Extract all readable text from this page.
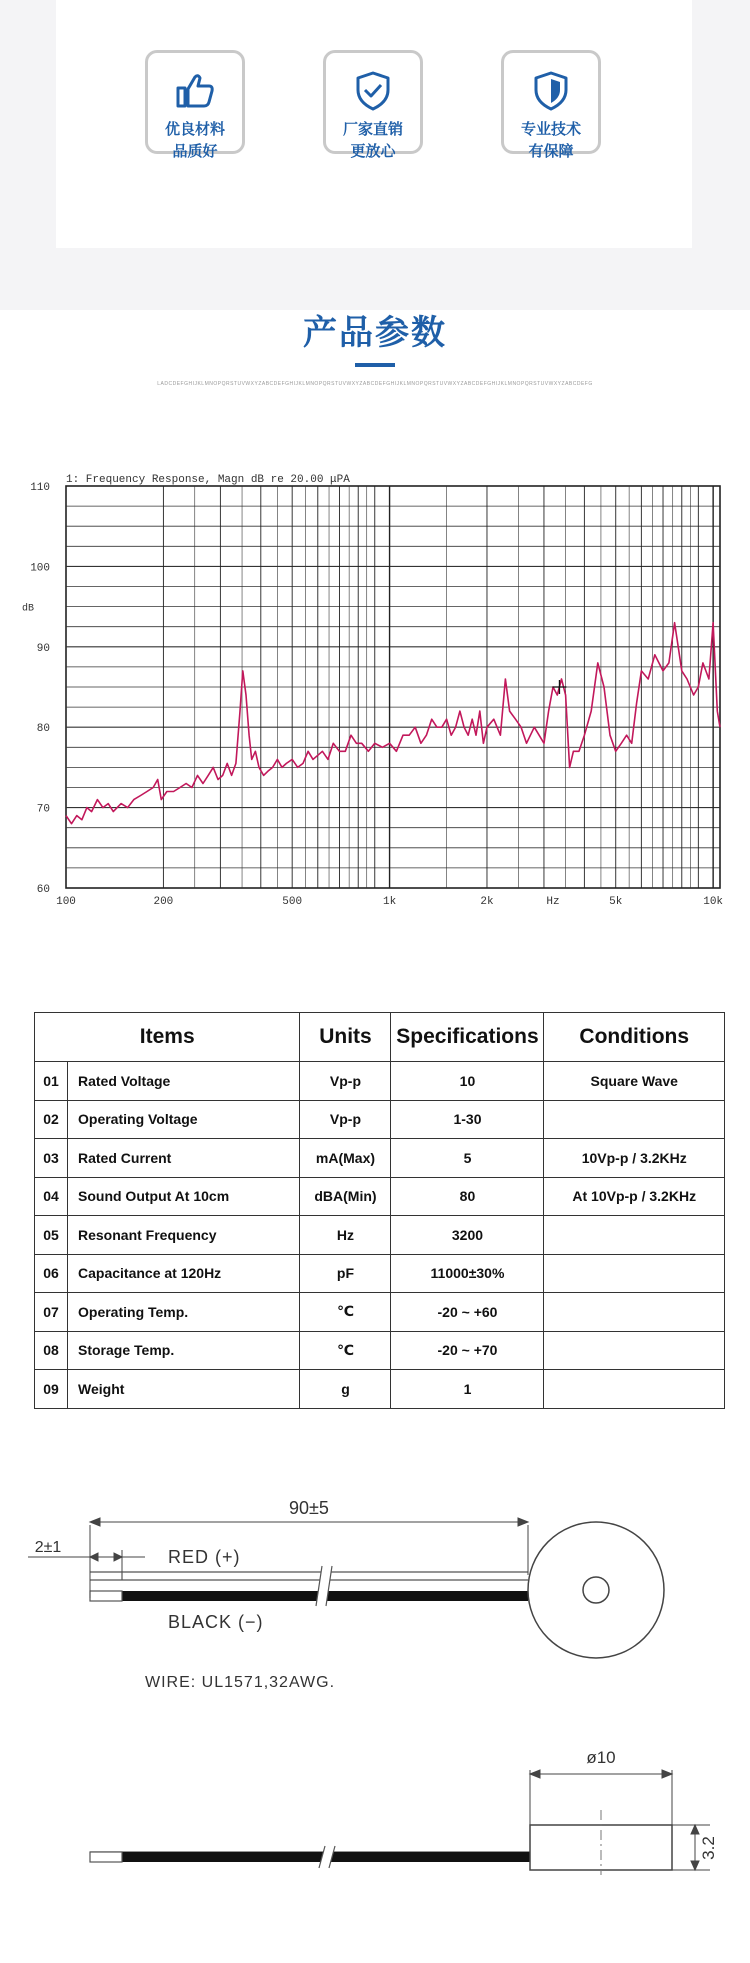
优良材料
品质好
厂家直销
更放心
专业技术
有保障
产品参数
LADCDEFGHIJKLMNOPQRSTUVWXYZABCDEFGHIJKLMNOPQRSTUVWXYZABCDEFGHIJKLMNOPQRSTUVWXYZABCDEFGHIJKLMNOPQRSTUVWXYZABCDEFG
60
70
80
90
100
110
100	200	500	1k	2k	Hz	5k	10k
1: Frequency Response, Magn dB re 20.00 μPA
dB
Items		Units	Specifications	Conditions
01	Rated Voltage	Vp-p	10	Square Wave
02	Operating Voltage	Vp-p	1-30	
03	Rated Current	mA(Max)	5	10Vp-p / 3.2KHz
04	Sound Output At 10cm	dBA(Min)	80	At 10Vp-p / 3.2KHz
05	Resonant Frequency	Hz	3200	
06	Capacitance at 120Hz	pF	11000±30%	
07	Operating Temp.	℃	-20 ~ +60	
08	Storage Temp.	℃	-20 ~ +70	
09	Weight	g	1	
90±5
2±1	RED (+)
BLACK (−)
WIRE: UL1571,32AWG.
ø10
3.2
